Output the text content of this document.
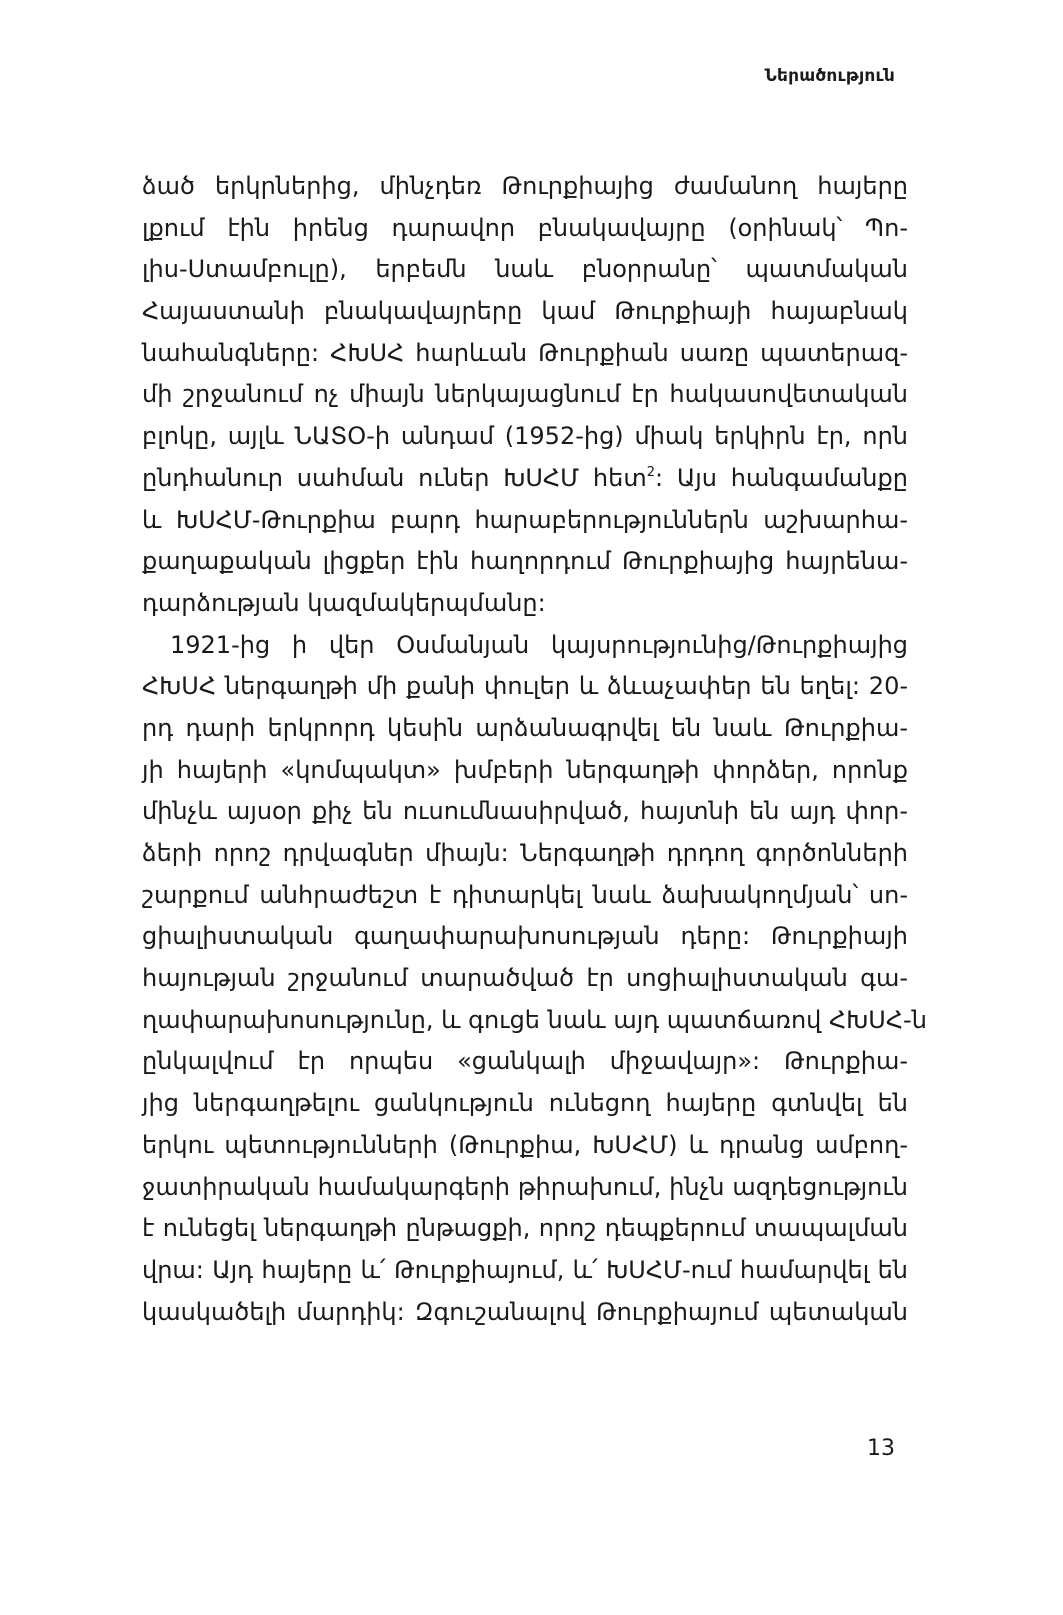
Ներածություն
ձած երկրներից, մինչդեռ Թուրքիայից ժամանող հայերը
լքում էին իրենց դարավոր բնակավայրը (օրինակ՝ Պո-
լիս-Ստամբուլը), երբեմն նաև բնօրրանը՝ պատմական
Հայաստանի բնակավայրերը կամ Թուրքիայի հայաբնակ
նահանգները: ՀԽՍՀ հարևան Թուրքիան սառը պատերազ-
մի շրջանում ոչ միայն ներկայացնում էր հակասովետական
բլոկը, այլև ՆԱՏՕ-ի անդամ (1952-ից) միակ երկիրն էր, որն
ընդհանուր սահման ուներ ԽՍՀՄ հետ$^2$: Այս հանգամանքը
և ԽՍՀՄ-Թուրքիա բարդ հարաբերություններն աշխարհա-
քաղաքական լիցքեր էին հաղորդում Թուրքիայից հայրենա-
դարձության կազմակերպմանը:
1921-ից ի վեր Օսմանյան կայսրությունից/Թուրքիայից
ՀԽՍՀ ներգաղթի մի քանի փուլեր և ձևաչափեր են եղել: 20-
րդ դարի երկրորդ կեսին արձանագրվել են նաև Թուրքիա-
յի հայերի «կոմպակտ» խմբերի ներգաղթի փորձեր, որոնք
մինչև այսօր քիչ են ուսումնասիրված, հայտնի են այդ փոր-
ձերի որոշ դրվագներ միայն: Ներգաղթի դրդող գործոնների
շարքում անհրաժեշտ է դիտարկել նաև ձախակողմյան՝ սո-
ցիալիստական գաղափարախոսության դերը: Թուրքիայի
հայության շրջանում տարածված էր սոցիալիստական գա-
ղափարախոսությունը, և գուցե նաև այդ պատճառով ՀԽՍՀ-ն
ընկալվում էր որպես «ցանկալի միջավայր»: Թուրքիա-
յից ներգաղթելու ցանկություն ունեցող հայերը գտնվել են
երկու պետությունների (Թուրքիա, ԽՍՀՄ) և դրանց ամբող-
ջատիրական համակարգերի թիրախում, ինչն ազդեցություն
է ունեցել ներգաղթի ընթացքի, որոշ դեպքերում տապալման
վրա: Այդ հայերը և՛ Թուրքիայում, և՛ ԽՍՀՄ-ում համարվել են
կասկածելի մարդիկ: Զգուշանալով Թուրքիայում պետական
13
